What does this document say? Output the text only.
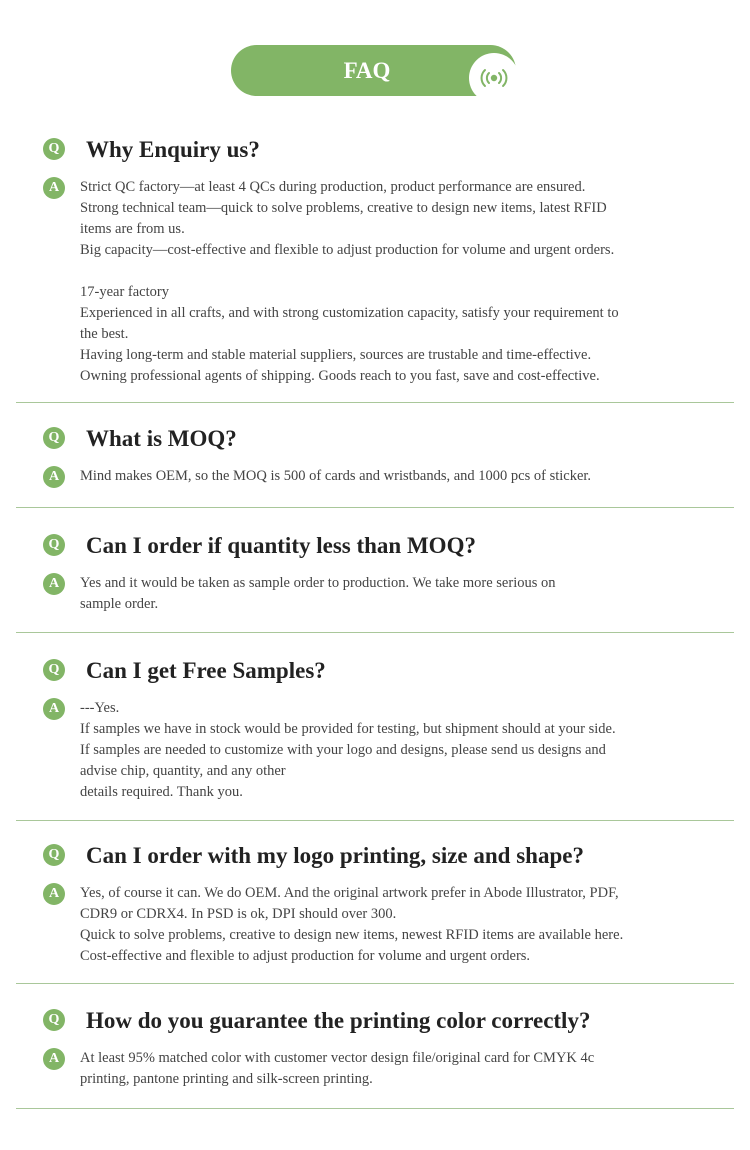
FAQ
Q Why Enquiry us?
A	Strict QC factory—at least 4 QCs during production, product performance are ensured.

Strong technical team—quick to solve problems, creative to design new items, latest RFID
items are from us.

Big capacity—cost-effective and flexible to adjust production for volume and urgent orders.

17-year factory

Experienced in all crafts, and with strong customization capacity, satisfy your requirement to
the best.

Having long-term and stable material suppliers, sources are trustable and time-effective.

Owning professional agents of shipping. Goods reach to you fast, save and cost-effective.

Q What is MOQ?
A	Mind makes OEM, so the MOQ is 500 of cards and wristbands, and 1000 pcs of sticker.

Q Can I order if quantity less than MOQ?
A	Yes and it would be taken as sample order to production. We take more serious on
sample order.

Q Can I get Free Samples?
A	---Yes.

If samples we have in stock would be provided for testing, but shipment should at your side.

If samples are needed to customize with your logo and designs, please send us designs and
advise chip, quantity, and any other

details required. Thank you.

Q Can I order with my logo printing, size and shape?
A	Yes, of course it can. We do OEM. And the original artwork prefer in Abode Illustrator, PDF,
CDR9 or CDRX4. In PSD is ok, DPI should over 300.

Quick to solve problems, creative to design new items, newest RFID items are available here.

Cost-effective and flexible to adjust production for volume and urgent orders.

Q How do you guarantee the printing color correctly?
A	At least 95% matched color with customer vector design file/original card for CMYK 4c
printing, pantone printing and silk-screen printing.
